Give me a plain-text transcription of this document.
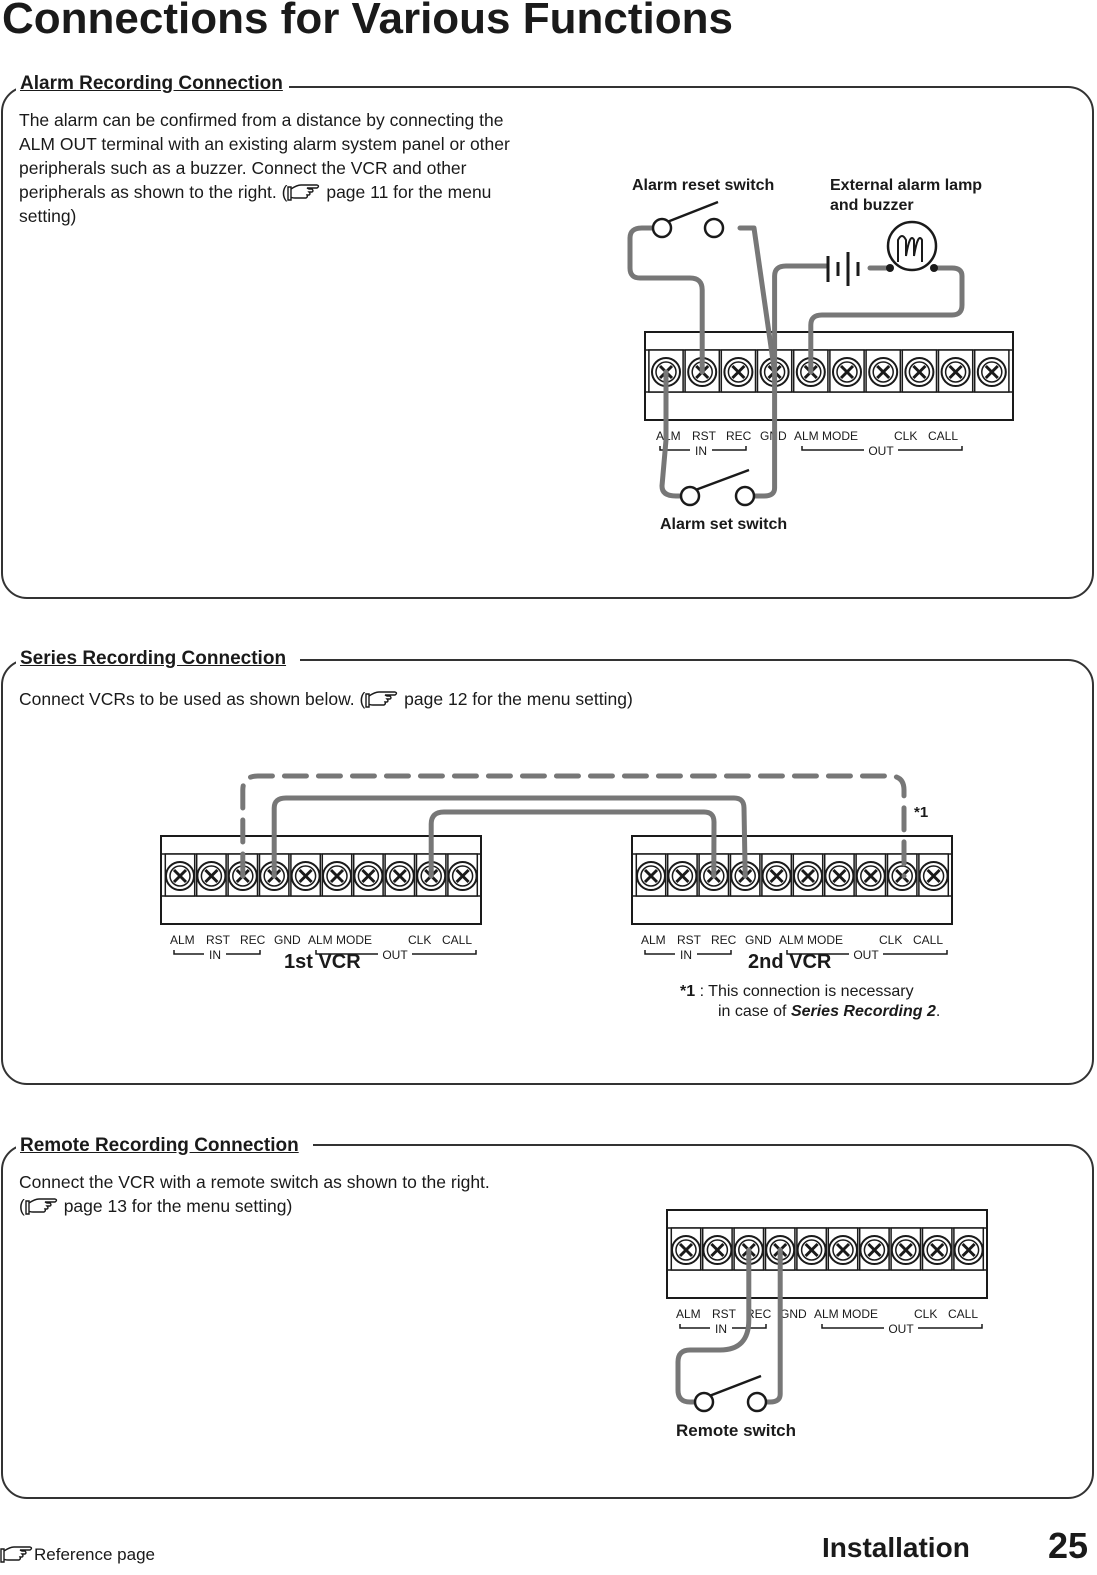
Connections for Various Functions
Alarm Recording Connection

The alarm can be confirmed from a distance by connecting the ALM OUT terminal with an existing alarm system panel or other peripherals such as a buzzer. Connect the VCR and other peripherals as shown to the right. ( page 11 for the menu setting)

Alarm reset switch	External alarm lamp
and buzzer
Alarm set switch
Series Recording Connection

Connect VCRs to be used as shown below. ( page 12 for the menu setting)

1st VCR	2nd VCR
*1
*1 : This connection is necessary
in case of Series Recording 2.
Remote Recording Connection

Connect the VCR with a remote switch as shown to the right.
( page 13 for the menu setting)

Remote switch
ALM RST REC GND ALM MODE	CLK CALL
IN	OUT
ALM RST REC GND ALM MODE	CLK CALL
IN	OUT
ALM RST REC GND ALM MODE	CLK CALL
IN	OUT
ALM RST REC GND ALM MODE	CLK CALL
IN	OUT
Reference page	Installation 25
